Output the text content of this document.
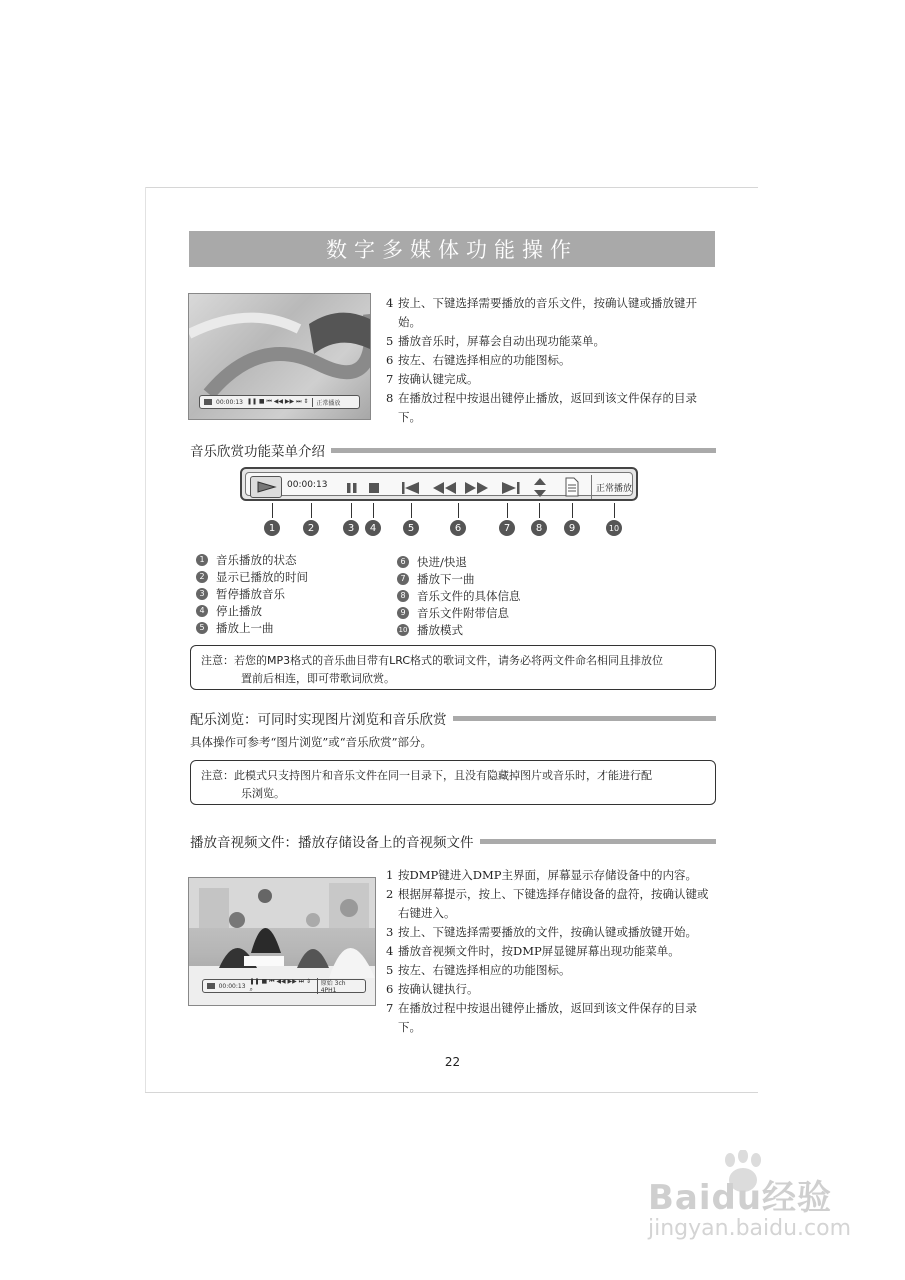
数字多媒体功能操作
00:00:13 ❚❚ ■ ⏮ ◀◀ ▶▶ ⏭ ⇕	正常播放
4 按上、下键选择需要播放的音乐文件，按确认键或播放键开始。
5 播放音乐时，屏幕会自动出现功能菜单。
6 按左、右键选择相应的功能图标。
7 按确认键完成。
8 在播放过程中按退出键停止播放，返回到该文件保存的目录下。
音乐欣赏功能菜单介绍
00:00:13	正常播放
1	2	3	4	5	6	7	8	9	10
1 音乐播放的状态
2 显示已播放的时间
3 暂停播放音乐
4 停止播放
5 播放上一曲
6 快进/快退
7 播放下一曲
8 音乐文件的具体信息
9 音乐文件附带信息
10 播放模式
注意：若您的MP3格式的音乐曲目带有LRC格式的歌词文件，请务必将两文件命名相同且排放位
置前后相连，即可带歌词欣赏。
配乐浏览：可同时实现图片浏览和音乐欣赏
具体操作可参考“图片浏览”或“音乐欣赏”部分。
注意：此模式只支持图片和音乐文件在同一目录下，且没有隐藏掉图片或音乐时，才能进行配
乐浏览。
播放音视频文件：播放存储设备上的音视频文件
00:00:13
❚❚ ■ ⏮ ◀◀ ▶▶ ⏭ ⇕ ⌕
原始 3ch 4PH1
1 按DMP键进入DMP主界面，屏幕显示存储设备中的内容。
2 根据屏幕提示，按上、下键选择存储设备的盘符，按确认键或右键进入。
3 按上、下键选择需要播放的文件，按确认键或播放键开始。
4 播放音视频文件时，按DMP屏显键屏幕出现功能菜单。
5 按左、右键选择相应的功能图标。
6 按确认键执行。
7 在播放过程中按退出键停止播放，返回到该文件保存的目录下。
22
Baidu经验
jingyan.baidu.com
